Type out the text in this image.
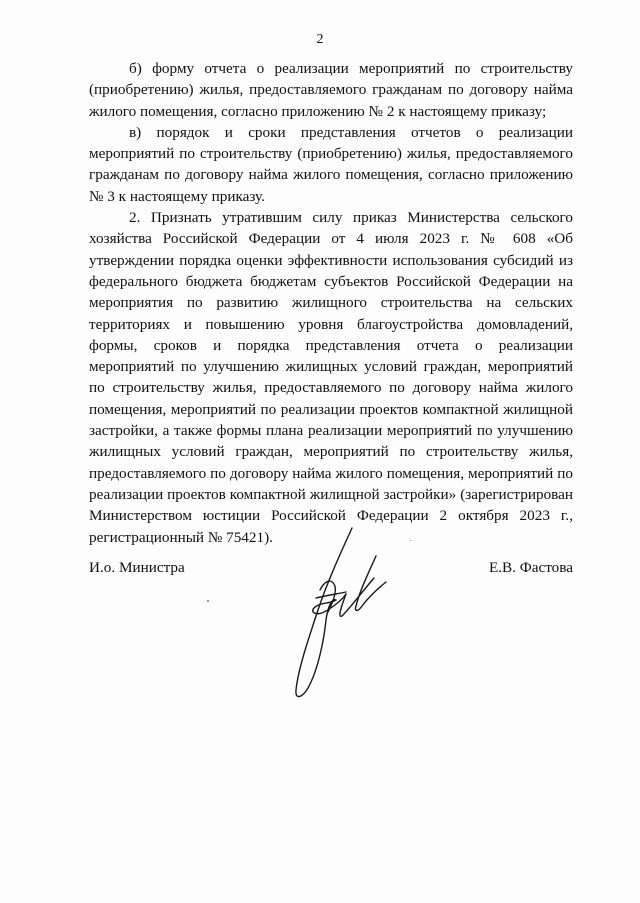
2

б) форму отчета о реализации мероприятий по строительству (приобретению) жилья, предоставляемого гражданам по договору найма жилого помещения, согласно приложению № 2 к настоящему приказу;

в) порядок и сроки представления отчетов о реализации мероприятий по строительству (приобретению) жилья, предоставляемого гражданам по договору найма жилого помещения, согласно приложению № 3 к настоящему приказу.

2. Признать утратившим силу приказ Министерства сельского хозяйства Российской Федерации от 4 июля 2023 г. № 608 «Об утверждении порядка оценки эффективности использования субсидий из федерального бюджета бюджетам субъектов Российской Федерации на мероприятия по развитию жилищного строительства на сельских территориях и повышению уровня благоустройства домовладений, формы, сроков и порядка представления отчета о реализации мероприятий по улучшению жилищных условий граждан, мероприятий по строительству жилья, предоставляемого по договору найма жилого помещения, мероприятий по реализации проектов компактной жилищной застройки, а также формы плана реализации мероприятий по улучшению жилищных условий граждан, мероприятий по строительству жилья, предоставляемого по договору найма жилого помещения, мероприятий по реализации проектов компактной жилищной застройки» (зарегистрирован Министерством юстиции Российской Федерации 2 октября 2023 г., регистрационный № 75421).

И.о. Министра	Е.В. Фастова
